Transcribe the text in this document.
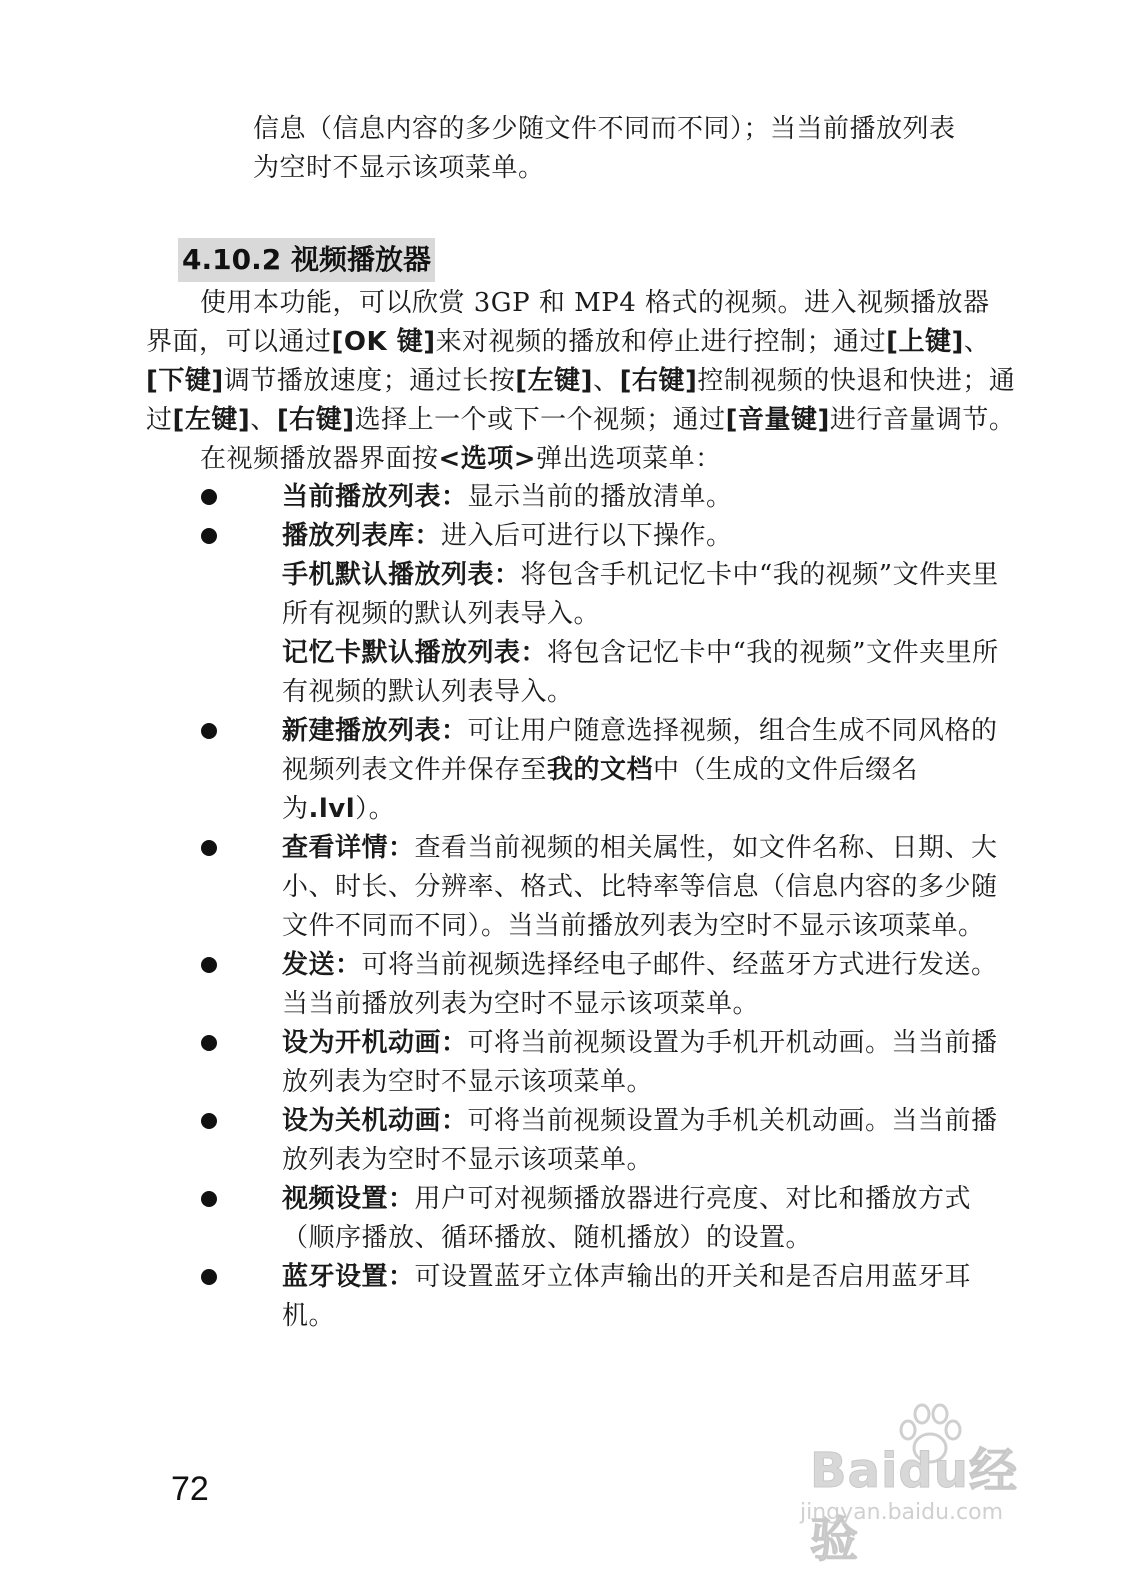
信息（信息内容的多少随文件不同而不同）；当当前播放列表
为空时不显示该项菜单。
4.10.2 视频播放器

使用本功能，可以欣赏 3GP 和 MP4 格式的视频。进入视频播放器界面，可以通过[OK 键]来对视频的播放和停止进行控制；通过[上键]、[下键]调节播放速度；通过长按[左键]、[右键]控制视频的快退和快进；通过[左键]、[右键]选择上一个或下一个视频；通过[音量键]进行音量调节。

在视频播放器界面按<选项>弹出选项菜单：

当前播放列表：显示当前的播放清单。

播放列表库：进入后可进行以下操作。

手机默认播放列表：将包含手机记忆卡中“我的视频”文件夹里所有视频的默认列表导入。

记忆卡默认播放列表：将包含记忆卡中“我的视频”文件夹里所有视频的默认列表导入。

新建播放列表：可让用户随意选择视频，组合生成不同风格的视频列表文件并保存至我的文档中（生成的文件后缀名为.lvl）。

查看详情：查看当前视频的相关属性，如文件名称、日期、大小、时长、分辨率、格式、比特率等信息（信息内容的多少随文件不同而不同）。当当前播放列表为空时不显示该项菜单。

发送：可将当前视频选择经电子邮件、经蓝牙方式进行发送。当当前播放列表为空时不显示该项菜单。

设为开机动画：可将当前视频设置为手机开机动画。当当前播放列表为空时不显示该项菜单。

设为关机动画：可将当前视频设置为手机关机动画。当当前播放列表为空时不显示该项菜单。

视频设置：用户可对视频播放器进行亮度、对比和播放方式（顺序播放、循环播放、随机播放）的设置。

蓝牙设置：可设置蓝牙立体声输出的开关和是否启用蓝牙耳机。

72	Baidu经验
jingyan.baidu.com
